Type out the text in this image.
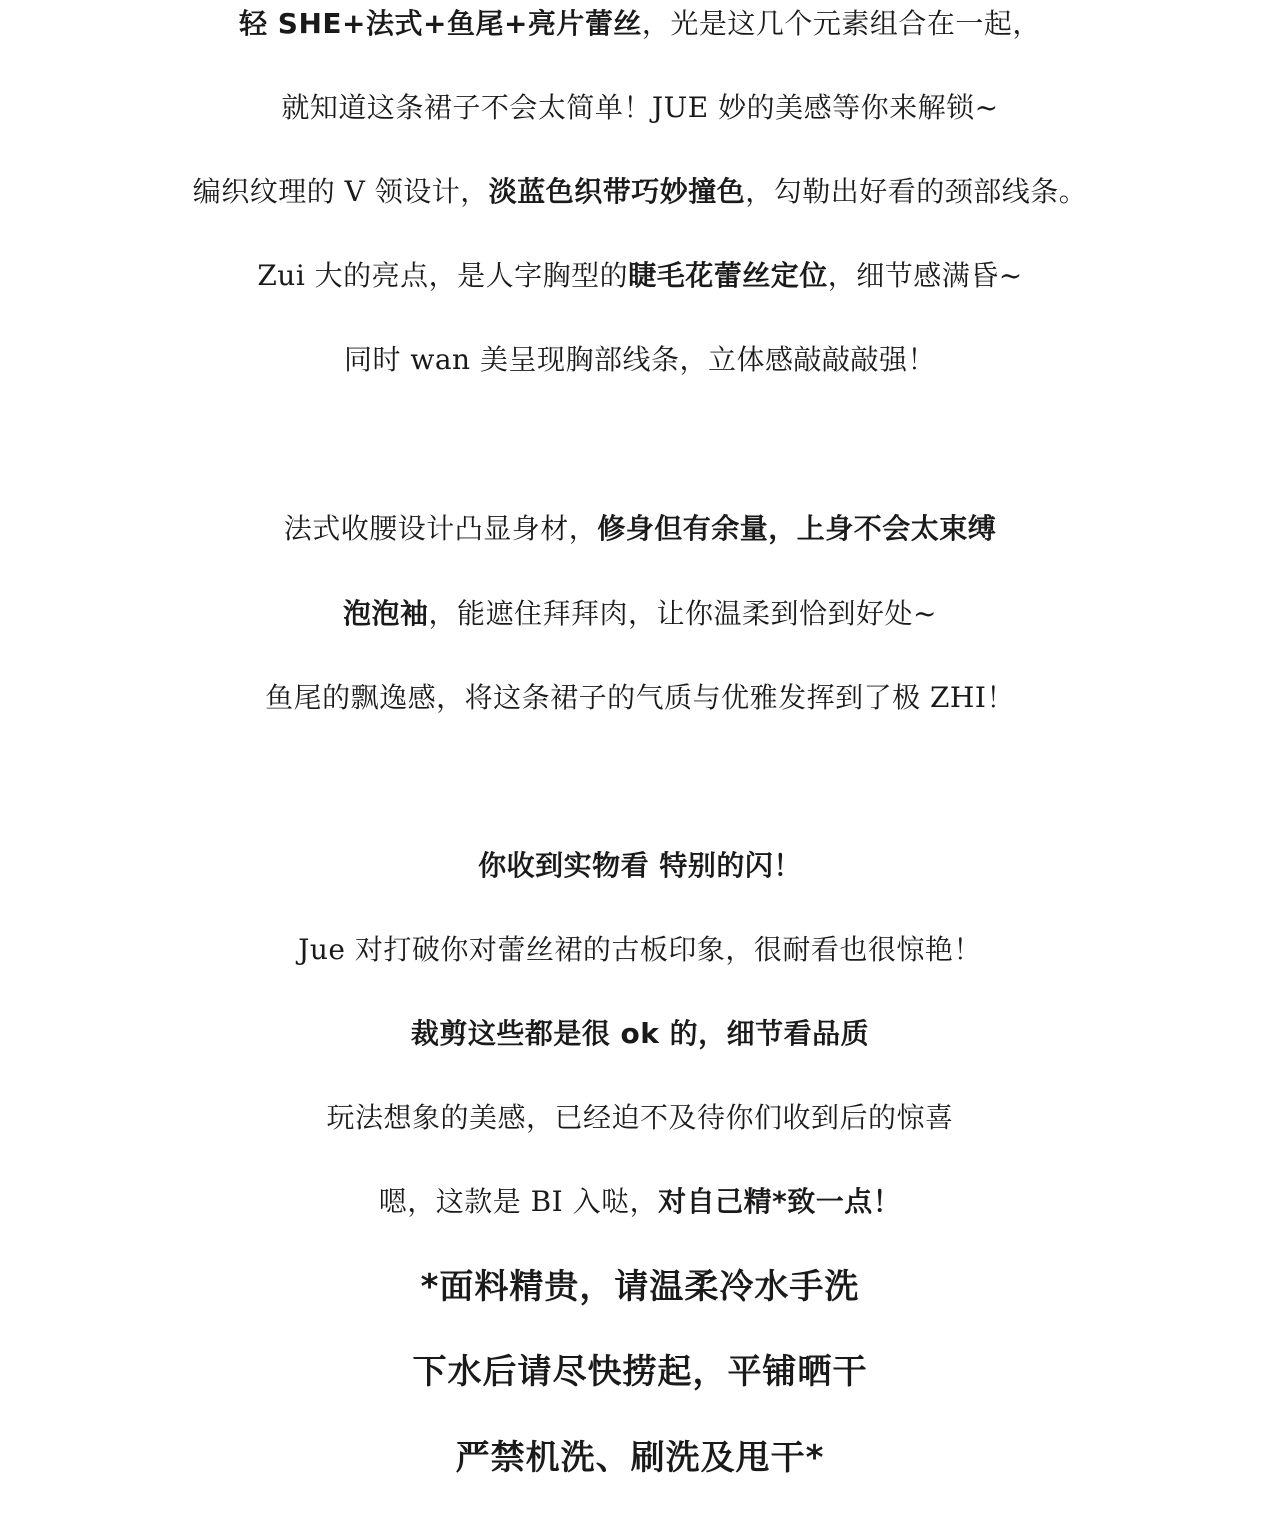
轻 SHE+法式+鱼尾+亮片蕾丝，光是这几个元素组合在一起，
就知道这条裙子不会太简单！JUE 妙的美感等你来解锁~
编织纹理的 V 领设计，淡蓝色织带巧妙撞色，勾勒出好看的颈部线条。
Zui 大的亮点，是人字胸型的睫毛花蕾丝定位，细节感满昏~
同时 wan 美呈现胸部线条，立体感敲敲敲强！
法式收腰设计凸显身材，修身但有余量，上身不会太束缚
泡泡袖，能遮住拜拜肉，让你温柔到恰到好处~
鱼尾的飘逸感，将这条裙子的气质与优雅发挥到了极 ZHI！
你收到实物看 特别的闪！
Jue 对打破你对蕾丝裙的古板印象，很耐看也很惊艳！
裁剪这些都是很 ok 的，细节看品质
玩法想象的美感，已经迫不及待你们收到后的惊喜
嗯，这款是 BI 入哒，对自己精*致一点！
*面料精贵，请温柔冷水手洗
下水后请尽快捞起，平铺晒干
严禁机洗、刷洗及甩干*
